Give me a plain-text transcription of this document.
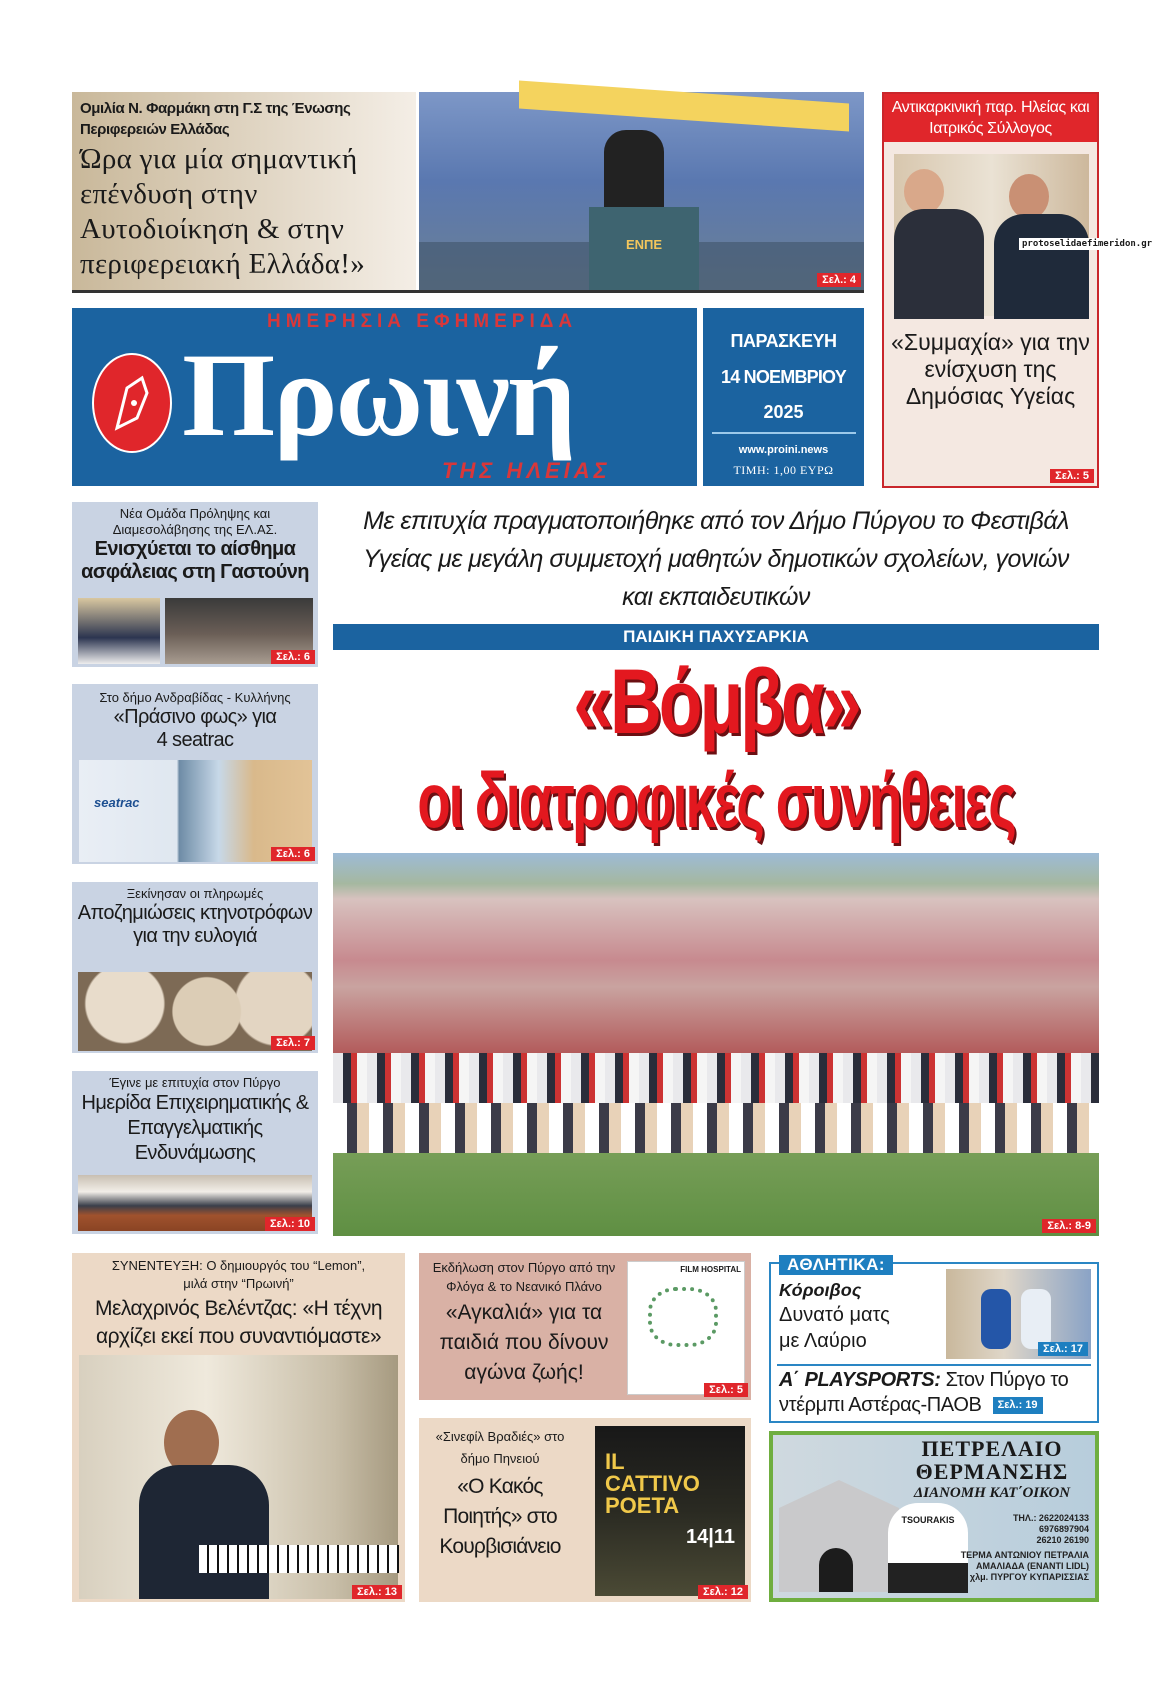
Ομιλία Ν. Φαρμάκη στη Γ.Σ της Ένωσης Περιφερειών Ελλάδας
Ώρα για μία σημαντική επένδυση στην Αυτοδιοίκηση & στην περιφερειακή Ελλάδα!»
ΕΝΠΕ
Σελ.: 4
Αντικαρκινική παρ. Ηλείας και Ιατρικός Σύλλογος
protoselidaefimeridon.gr
«Συμμαχία» για την ενίσχυση της Δημόσιας Υγείας
Σελ.: 5
ΗΜΕΡΗΣΙΑ ΕΦΗΜΕΡΙΔΑ
Πρωινή
ΤΗΣ ΗΛΕΙΑΣ
ΠΑΡΑΣΚΕΥΗ
14 ΝΟΕΜΒΡΙΟΥ
2025
www.proini.news
ΤΙΜΗ: 1,00 ΕΥΡΩ
Νέα Ομάδα Πρόληψης και Διαμεσολάβησης της ΕΛ.ΑΣ.
Ενισχύεται το αίσθημα ασφάλειας στη Γαστούνη
Σελ.: 6
Στο δήμο Ανδραβίδας - Κυλλήνης
«Πράσινο φως» για 4 seatrac
seatrac
Σελ.: 6
Ξεκίνησαν οι πληρωμές
Αποζημιώσεις κτηνοτρόφων για την ευλογιά
Σελ.: 7
Έγινε με επιτυχία στον Πύργο
Ημερίδα Επιχειρηματικής & Επαγγελματικής Ενδυνάμωσης
Σελ.: 10
Με επιτυχία πραγματοποιήθηκε από τον Δήμο Πύργου το Φεστιβάλ Υγείας με μεγάλη συμμετοχή μαθητών δημοτικών σχολείων, γονιών και εκπαιδευτικών
ΠΑΙΔΙΚΗ ΠΑΧΥΣΑΡΚΙΑ
«Βόμβα»
οι διατροφικές συνήθειες
Σελ.: 8-9
ΣΥΝΕΝΤΕΥΞΗ: Ο δημιουργός του “Lemon”, μιλά στην “Πρωινή”
Μελαχρινός Βελέντζας: «Η τέχνη αρχίζει εκεί που συναντιόμαστε»
Σελ.: 13
Εκδήλωση στον Πύργο από την Φλόγα & το Νεανικό Πλάνο
«Αγκαλιά» για τα παιδιά που δίνουν αγώνα ζωής!
FILM HOSPITAL
Σελ.: 5
«Σινεφίλ Βραδιές» στο δήμο Πηνειού
«Ο Κακός Ποιητής» στο Κουρβισιάνειο
IL CATTIVO POETA
14|11
Σελ.: 12
ΑΘΛΗΤΙΚΑ:
Κόροιβος
Δυνατό ματς με Λαύριο	Σελ.: 17
Α΄ PLAYSPORTS: Στον Πύργο το ντέρμπι Αστέρας-ΠΑΟΒ Σελ.: 19
TSOURAKIS
ΠΕΤΡΕΛΑΙΟ
ΘΕΡΜΑΝΣΗΣ
ΔΙΑΝΟΜΗ ΚΑΤ΄ΟΙΚΟΝ
ΤΗΛ.: 2622024133
6976897904
26210 26190
ΤΕΡΜΑ ΑΝΤΩΝΙΟΥ ΠΕΤΡΑΛΙΑ
ΑΜΑΛΙΑΔΑ (ΕΝΑΝΤΙ LIDL)
2ο χλμ. ΠΥΡΓΟΥ ΚΥΠΑΡΙΣΣΙΑΣ
